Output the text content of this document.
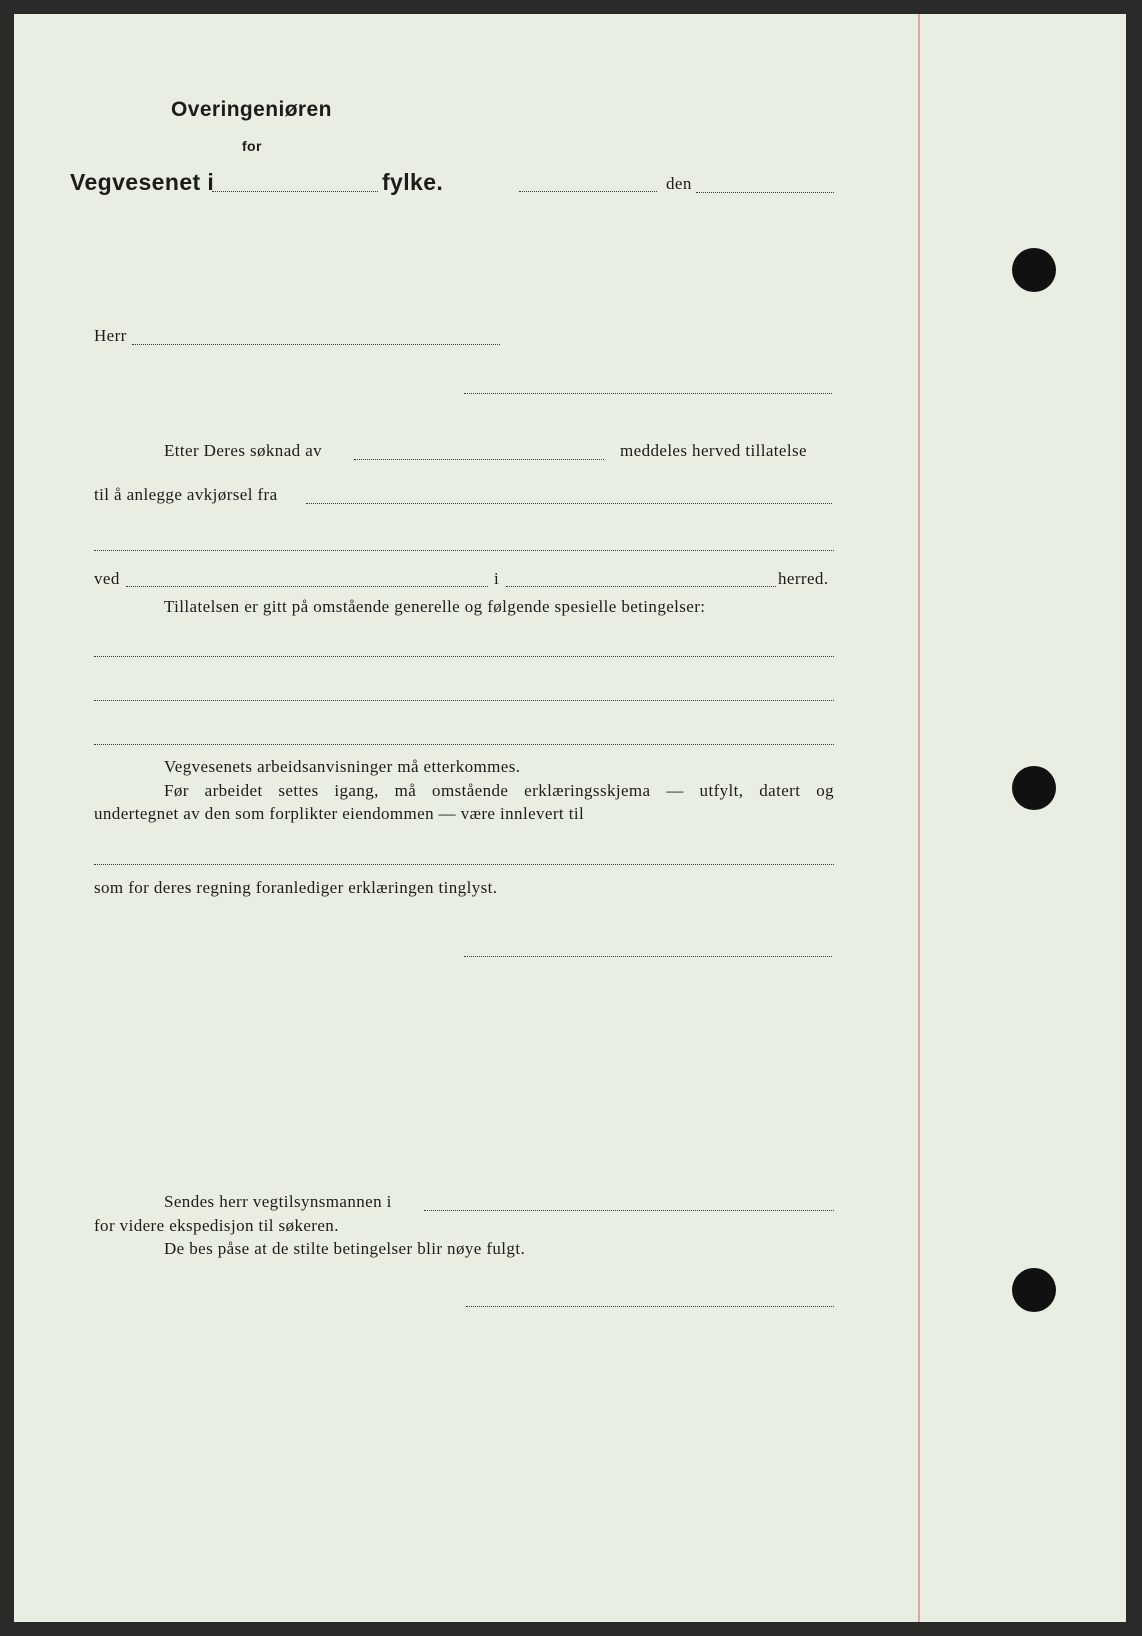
Overingeniøren
for
Vegvesenet i	fylke.	den
Herr
Etter Deres søknad av	meddeles herved tillatelse
til å anlegge avkjørsel fra
ved	i	herred.
Tillatelsen er gitt på omstående generelle og følgende spesielle betingelser:
Vegvesenets arbeidsanvisninger må etterkommes.
Før arbeidet settes igang, må omstående erklæringsskjema — utfylt, datert og
undertegnet av den som forplikter eiendommen — være innlevert til
som for deres regning foranlediger erklæringen tinglyst.
Sendes herr vegtilsynsmannen i
for videre ekspedisjon til søkeren.
De bes påse at de stilte betingelser blir nøye fulgt.
